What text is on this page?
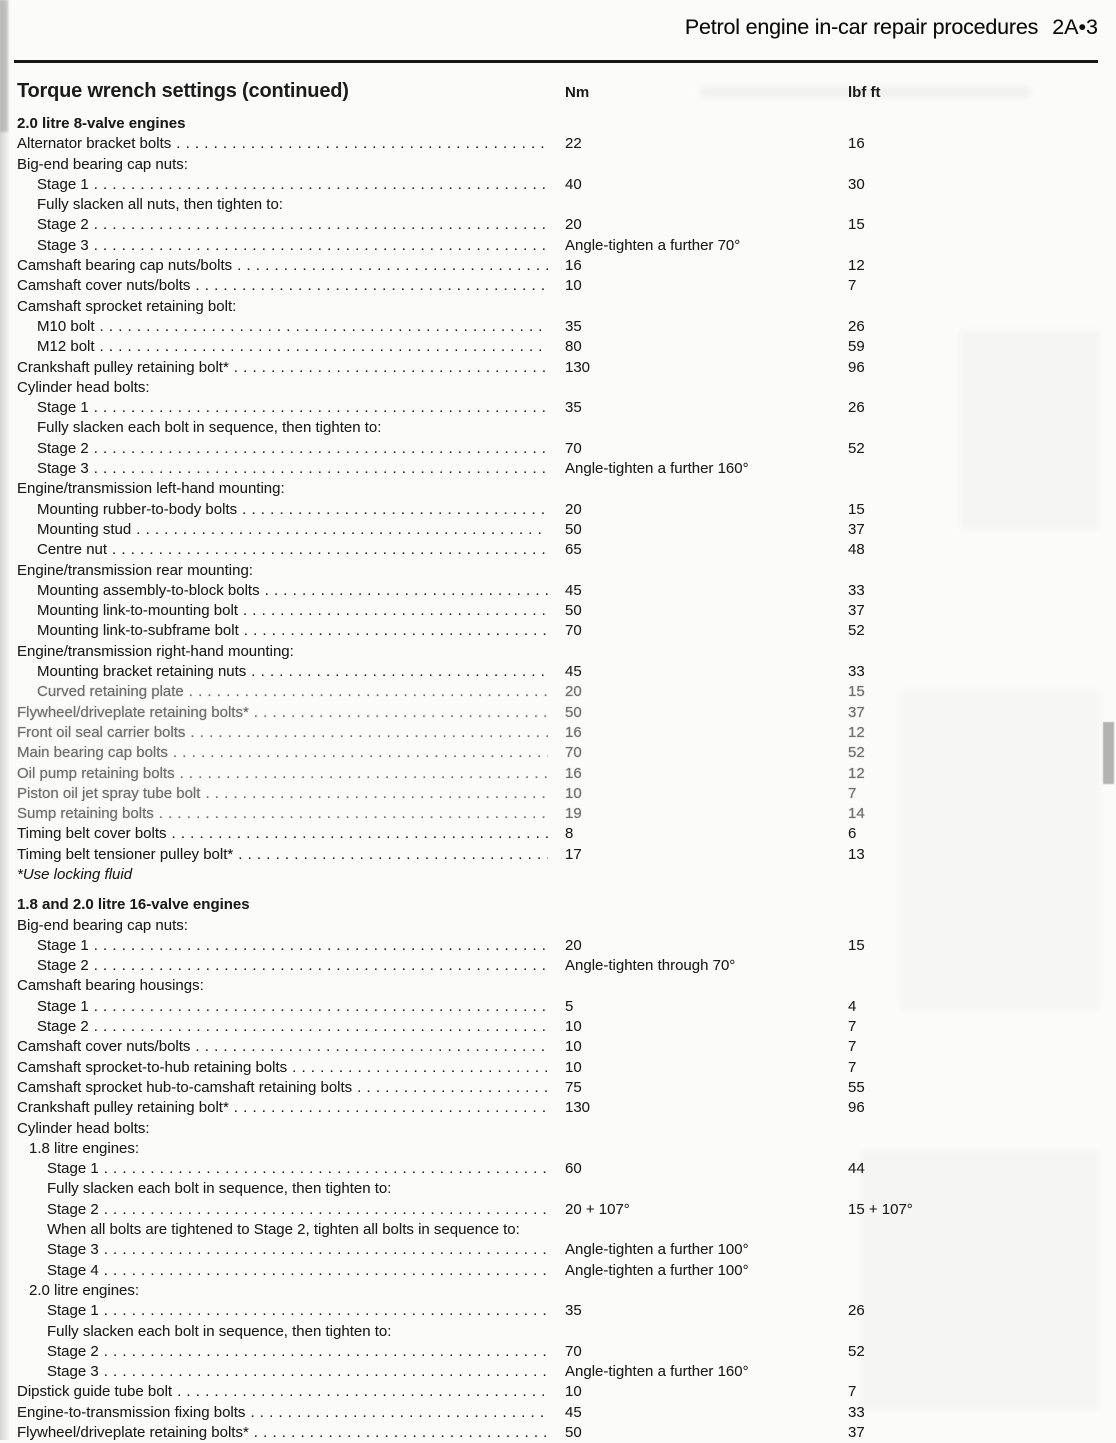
Petrol engine in-car repair procedures 2A•3
Torque wrench settings (continued)	Nm	lbf ft
2.0 litre 8-valve engines
Alternator bracket bolts . . .	22	16
Big-end bearing cap nuts:
Stage 1 . . .	40	30
Fully slacken all nuts, then tighten to:
Stage 2 . . .	20	15
Stage 3 . . .	Angle-tighten a further 70°
Camshaft bearing cap nuts/bolts . . .	16	12
Camshaft cover nuts/bolts . . .	10	7
Camshaft sprocket retaining bolt:
M10 bolt . . .	35	26
M12 bolt . . .	80	59
Crankshaft pulley retaining bolt* . . .	130	96
Cylinder head bolts:
Stage 1 . . .	35	26
Fully slacken each bolt in sequence, then tighten to:
Stage 2 . . .	70	52
Stage 3 . . .	Angle-tighten a further 160°
Engine/transmission left-hand mounting:
Mounting rubber-to-body bolts . . .	20	15
Mounting stud . . .	50	37
Centre nut . . .	65	48
Engine/transmission rear mounting:
Mounting assembly-to-block bolts . . .	45	33
Mounting link-to-mounting bolt . . .	50	37
Mounting link-to-subframe bolt . . .	70	52
Engine/transmission right-hand mounting:
Mounting bracket retaining nuts . . .	45	33
Curved retaining plate . . .	20	15
Flywheel/driveplate retaining bolts* . . .	50	37
Front oil seal carrier bolts . . .	16	12
Main bearing cap bolts . . .	70	52
Oil pump retaining bolts . . .	16	12
Piston oil jet spray tube bolt . . .	10	7
Sump retaining bolts . . .	19	14
Timing belt cover bolts . . .	8	6
Timing belt tensioner pulley bolt* . . .	17	13
*Use locking fluid
1.8 and 2.0 litre 16-valve engines
Big-end bearing cap nuts:
Stage 1 . . .	20	15
Stage 2 . . .	Angle-tighten through 70°
Camshaft bearing housings:
Stage 1 . . .	5	4
Stage 2 . . .	10	7
Camshaft cover nuts/bolts . . .	10	7
Camshaft sprocket-to-hub retaining bolts . . .	10	7
Camshaft sprocket hub-to-camshaft retaining bolts . . .	75	55
Crankshaft pulley retaining bolt* . . .	130	96
Cylinder head bolts:
1.8 litre engines:
Stage 1 . . .	60	44
Fully slacken each bolt in sequence, then tighten to:
Stage 2 . . .	20 + 107°	15 + 107°
When all bolts are tightened to Stage 2, tighten all bolts in sequence to:
Stage 3 . . .	Angle-tighten a further 100°
Stage 4 . . .	Angle-tighten a further 100°
2.0 litre engines:
Stage 1 . . .	35	26
Fully slacken each bolt in sequence, then tighten to:
Stage 2 . . .	70	52
Stage 3 . . .	Angle-tighten a further 160°
Dipstick guide tube bolt . . .	10	7
Engine-to-transmission fixing bolts . . .	45	33
Flywheel/driveplate retaining bolts* . . .	50	37
